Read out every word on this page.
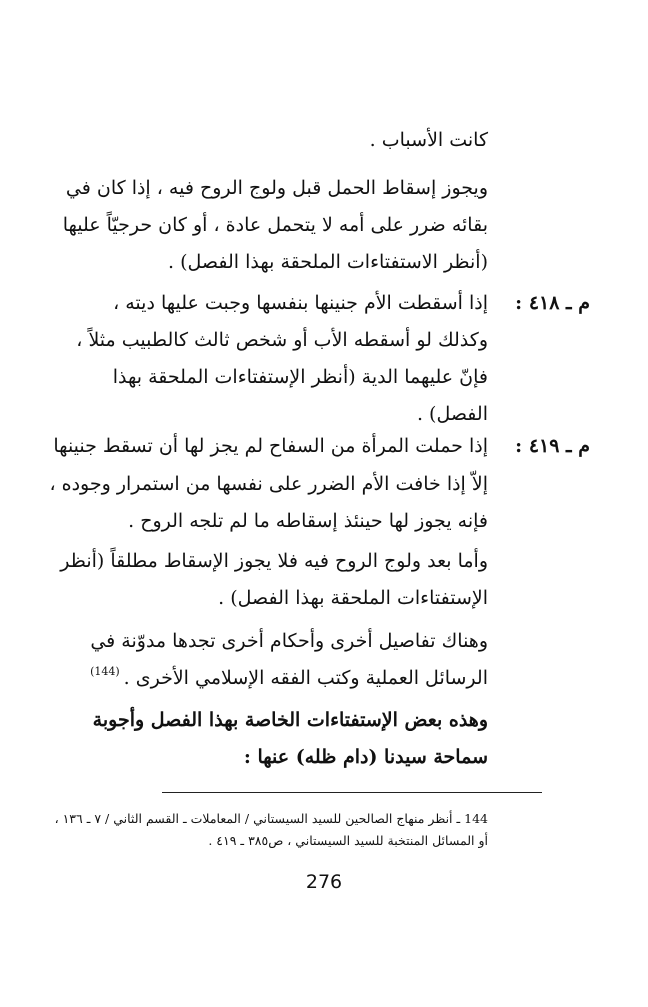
كانت الأسباب .
ويجوز إسقاط الحمل قبل ولوج الروح فيه ، إذا كان في
بقائه ضرر على أمه لا يتحمل عادة ، أو كان حرجيّاً عليها
(أنظر الاستفتاءات الملحقة بهذا الفصل) .
إذا أسقطت الأم جنينها بنفسها وجبت عليها ديته ،
وكذلك لو أسقطه الأب أو شخص ثالث كالطبيب مثلاً ،
فإنّ عليهما الدية (أنظر الإستفتاءات الملحقة بهذا
الفصل) .
إذا حملت المرأة من السفاح لم يجز لها أن تسقط جنينها
إلاّ إذا خافت الأم الضرر على نفسها من استمرار وجوده ،
فإنه يجوز لها حينئذ إسقاطه ما لم تلجه الروح .
وأما بعد ولوج الروح فيه فلا يجوز الإسقاط مطلقاً (أنظر
الإستفتاءات الملحقة بهذا الفصل) .
وهناك تفاصيل أخرى وأحكام أخرى تجدها مدوّنة في
الرسائل العملية وكتب الفقه الإسلامي الأخرى .$^{(144)}$
وهذه بعض الإستفتاءات الخاصة بهذا الفصل وأجوبة
سماحة سيدنا (دام ظله) عنها :
م ـ ٤١٨ :
م ـ ٤١٩ :
144 ـ أنظر منهاج الصالحين للسيد السيستاني / المعاملات ـ القسم الثاني / ٧ ـ ١٣٦ ،
أو المسائل المنتخبة للسيد السيستاني ، ص٣٨٥ ـ ٤١٩ .
276
